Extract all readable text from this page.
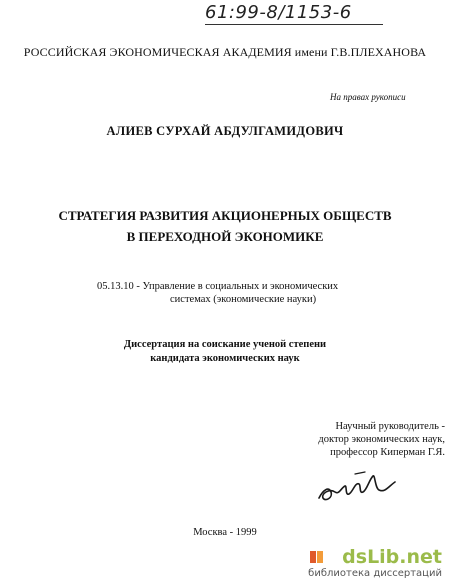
61:99-8/1153-6
РОССИЙСКАЯ ЭКОНОМИЧЕСКАЯ АКАДЕМИЯ имени Г.В.ПЛЕХАНОВА
На правах рукописи
АЛИЕВ СУРХАЙ АБДУЛГАМИДОВИЧ
СТРАТЕГИЯ РАЗВИТИЯ АКЦИОНЕРНЫХ ОБЩЕСТВ
В ПЕРЕХОДНОЙ ЭКОНОМИКЕ
05.13.10 - Управление в социальных и экономических
системах (экономические науки)
Диссертация на соискание ученой степени
кандидата экономических наук
Научный руководитель -
доктор экономических наук,
профессор Киперман Г.Я.
Москва - 1999
dsLib.net
библиотека диссертаций
